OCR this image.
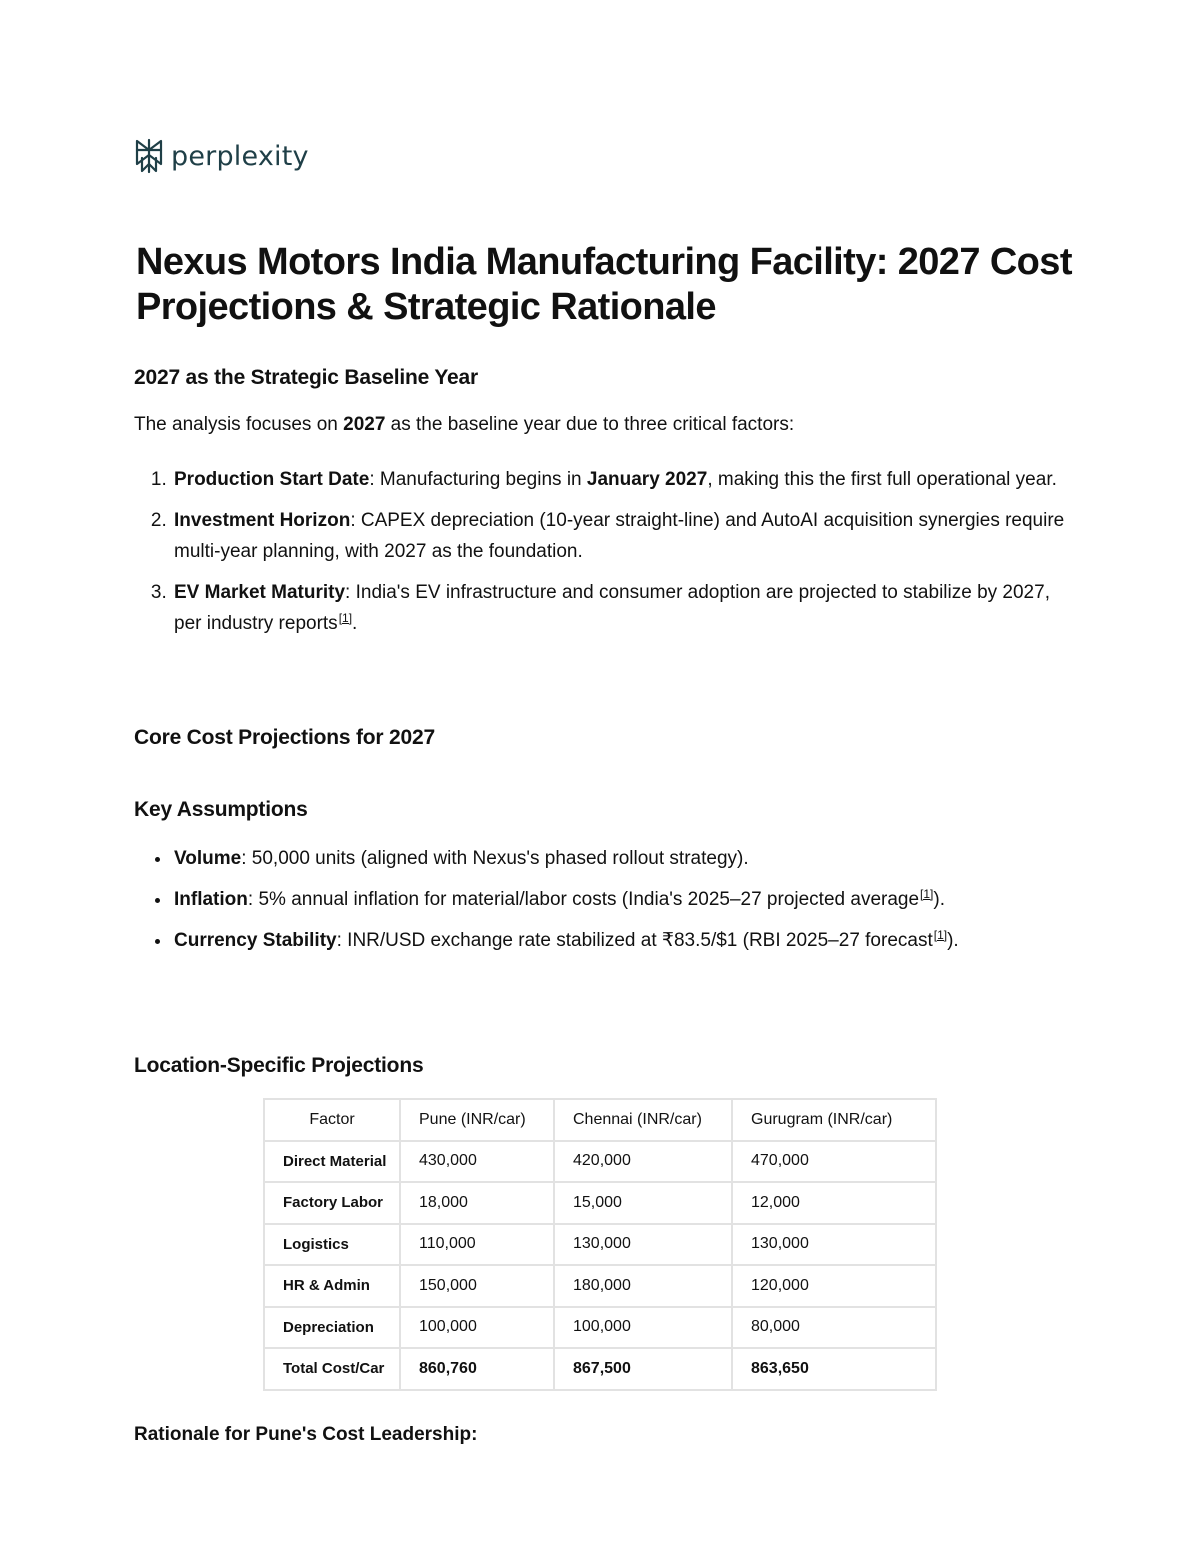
perplexity
Nexus Motors India Manufacturing Facility: 2027 Cost Projections & Strategic Rationale
2027 as the Strategic Baseline Year

The analysis focuses on 2027 as the baseline year due to three critical factors:

1. Production Start Date: Manufacturing begins in January 2027, making this the first full operational year.
2. Investment Horizon: CAPEX depreciation (10-year straight-line) and AutoAI acquisition synergies require multi-year planning, with 2027 as the foundation.
3. EV Market Maturity: India's EV infrastructure and consumer adoption are projected to stabilize by 2027, per industry reports[1].
Core Cost Projections for 2027
Key Assumptions
• Volume: 50,000 units (aligned with Nexus's phased rollout strategy).
• Inflation: 5% annual inflation for material/labor costs (India's 2025–27 projected average[1]).
• Currency Stability: INR/USD exchange rate stabilized at ₹83.5/$1 (RBI 2025–27 forecast[1]).
Location-Specific Projections
Factor	Pune (INR/car)	Chennai (INR/car)	Gurugram (INR/car)
Direct Material	430,000	420,000	470,000
Factory Labor	18,000	15,000	12,000
Logistics	110,000	130,000	130,000
HR & Admin	150,000	180,000	120,000
Depreciation	100,000	100,000	80,000
Total Cost/Car	860,760	867,500	863,650
Rationale for Pune's Cost Leadership:
